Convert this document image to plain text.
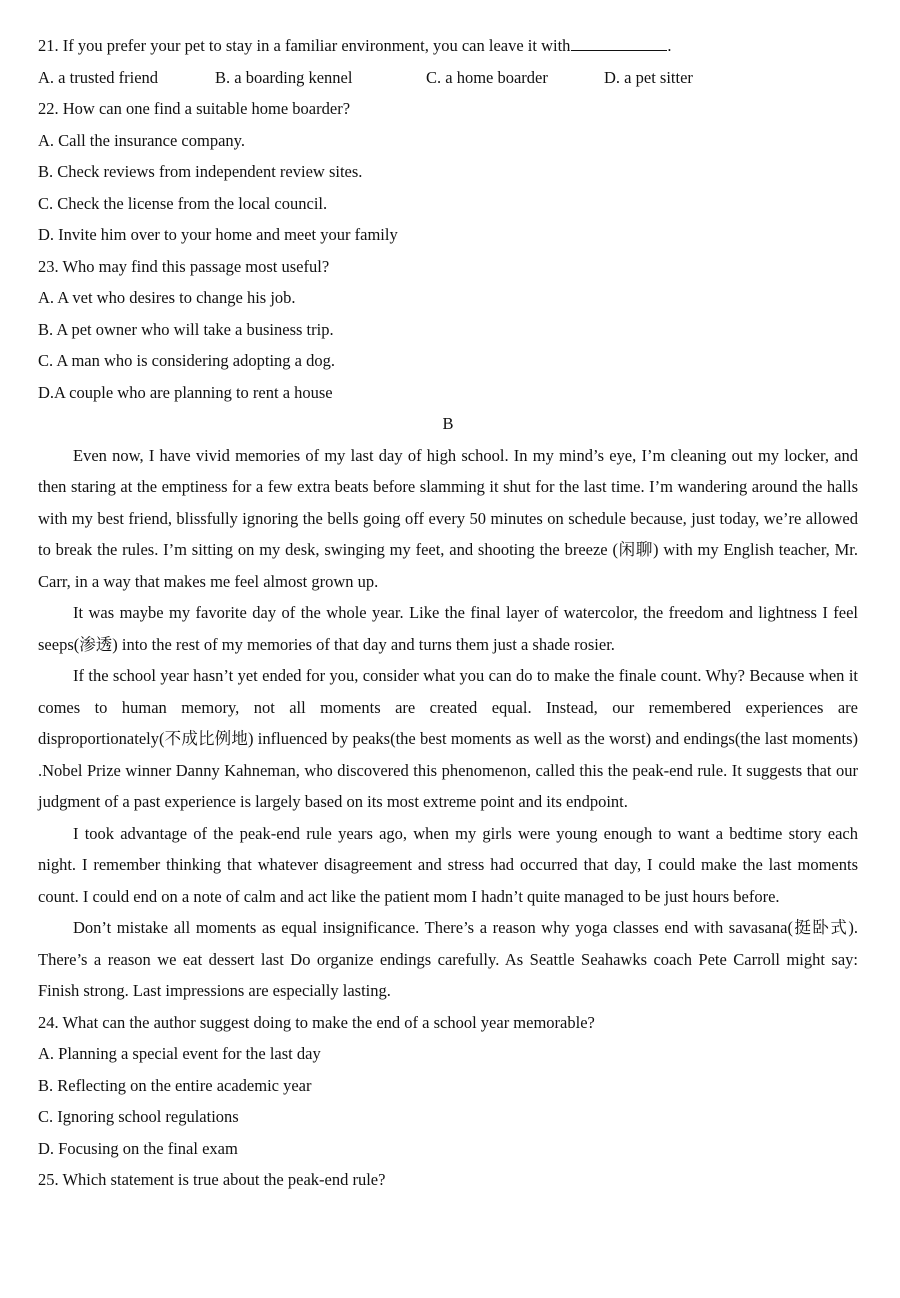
21. If you prefer your pet to stay in a familiar environment, you can leave it with	.
A. a trusted friend	B. a boarding kennel	C. a home boarder	D. a pet sitter
22. How can one find a suitable home boarder?
A. Call the insurance company.
B. Check reviews from independent review sites.
C. Check the license from the local council.
D. Invite him over to your home and meet your family
23. Who may find this passage most useful?
A. A vet who desires to change his job.
B. A pet owner who will take a business trip.
C. A man who is considering adopting a dog.
D.A couple who are planning to rent a house
B

Even now, I have vivid memories of my last day of high school. In my mind’s eye, I’m cleaning out my locker, and then staring at the emptiness for a few extra beats before slamming it shut for the last time. I’m wandering around the halls with my best friend, blissfully ignoring the bells going off every 50 minutes on schedule because, just today, we’re allowed to break the rules. I’m sitting on my desk, swinging my feet, and shooting the breeze (闲聊) with my English teacher, Mr. Carr, in a way that makes me feel almost grown up.

It was maybe my favorite day of the whole year. Like the final layer of watercolor, the freedom and lightness I feel seeps(渗透) into the rest of my memories of that day and turns them just a shade rosier.

If the school year hasn’t yet ended for you, consider what you can do to make the finale count. Why? Because when it comes to human memory, not all moments are created equal. Instead, our remembered experiences are disproportionately(不成比例地) influenced by peaks(the best moments as well as the worst) and endings(the last moments) .Nobel Prize winner Danny Kahneman, who discovered this phenomenon, called this the peak-end rule. It suggests that our judgment of a past experience is largely based on its most extreme point and its endpoint.

I took advantage of the peak-end rule years ago, when my girls were young enough to want a bedtime story each night. I remember thinking that whatever disagreement and stress had occurred that day, I could make the last moments count. I could end on a note of calm and act like the patient mom I hadn’t quite managed to be just hours before.

Don’t mistake all moments as equal insignificance. There’s a reason why yoga classes end with savasana(挺卧式). There’s a reason we eat dessert last Do organize endings carefully. As Seattle Seahawks coach Pete Carroll might say: Finish strong. Last impressions are especially lasting.

24. What can the author suggest doing to make the end of a school year memorable?
A. Planning a special event for the last day
B. Reflecting on the entire academic year
C. Ignoring school regulations
D. Focusing on the final exam
25. Which statement is true about the peak-end rule?
